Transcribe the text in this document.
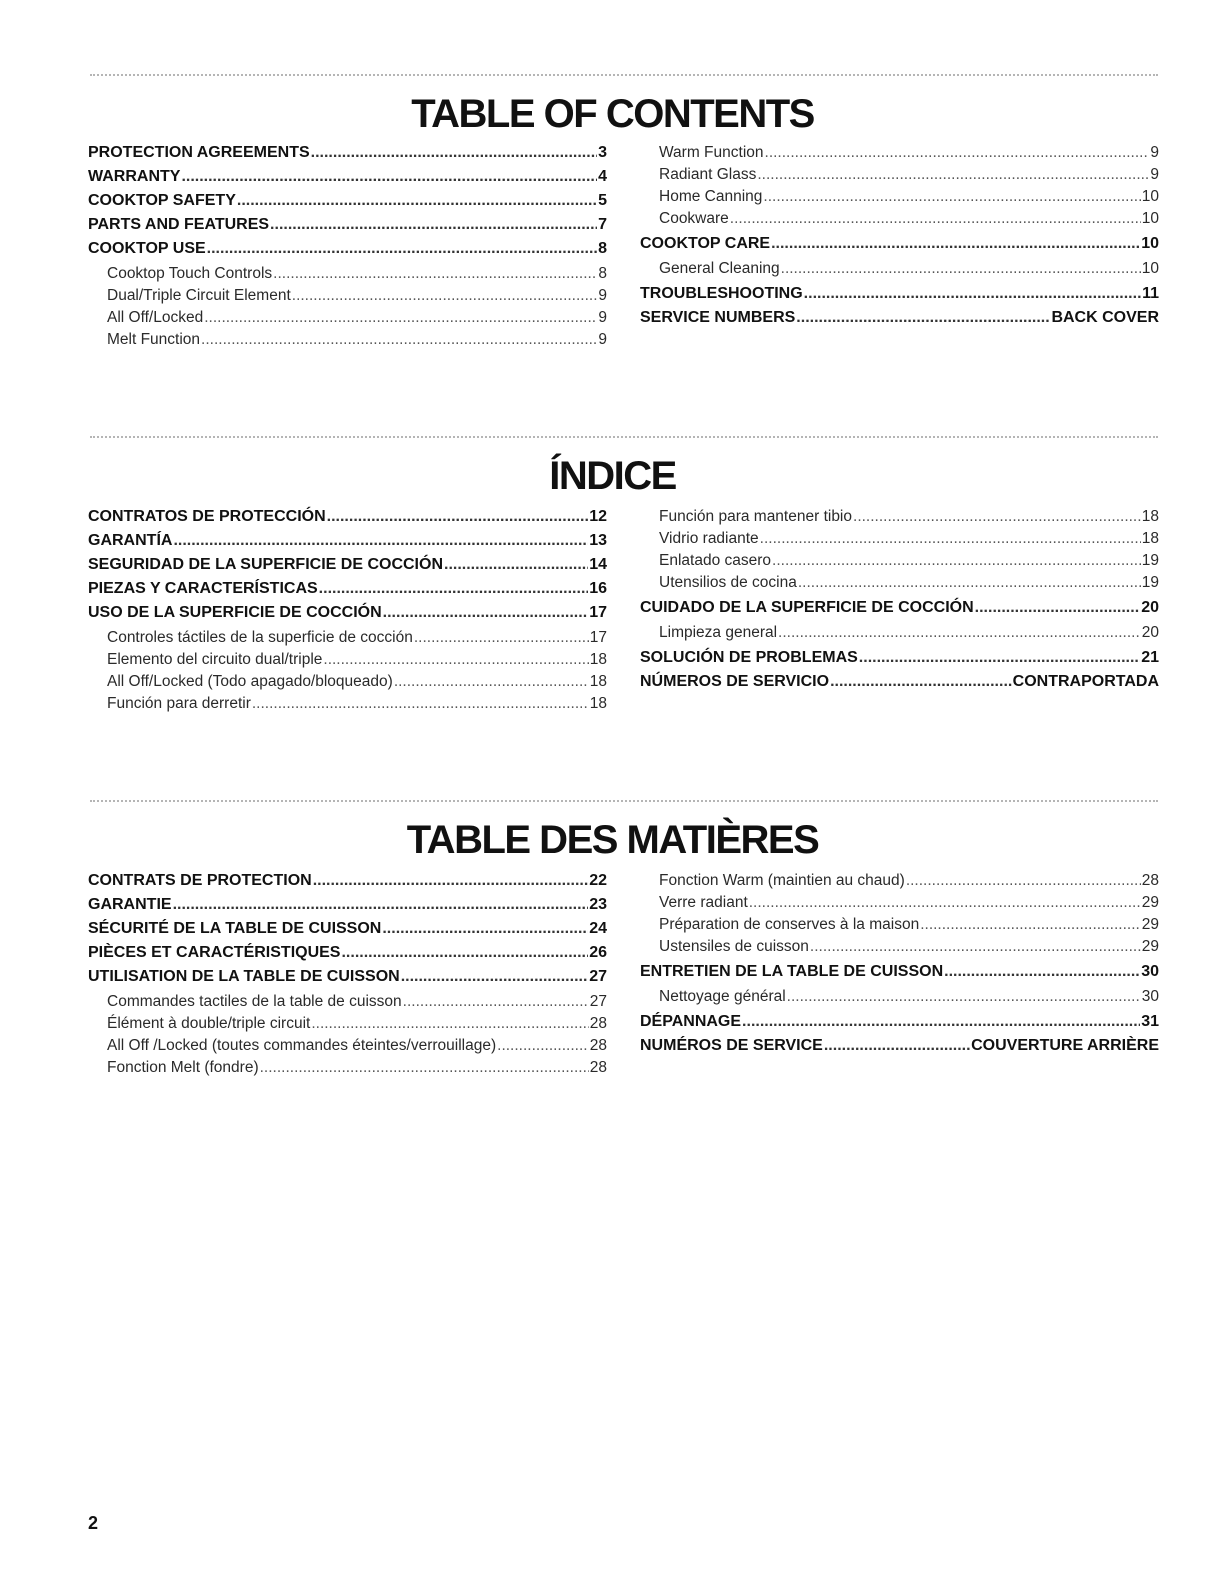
TABLE OF CONTENTS
PROTECTION AGREEMENTS .....	3
WARRANTY .....	4
COOKTOP SAFETY .....	5
PARTS AND FEATURES .....	7
COOKTOP USE .....	8
Cooktop Touch Controls .....	8
Dual/Triple Circuit Element .....	9
All Off/Locked .....	9
Melt Function .....	9
Warm Function .....	9
Radiant Glass .....	9
Home Canning .....	10
Cookware .....	10
COOKTOP CARE .....	10
General Cleaning .....	10
TROUBLESHOOTING .....	11
SERVICE NUMBERS .....	BACK COVER
ÍNDICE
CONTRATOS DE PROTECCIÓN .....	12
GARANTÍA .....	13
SEGURIDAD DE LA SUPERFICIE DE COCCIÓN .....	14
PIEZAS Y CARACTERÍSTICAS .....	16
USO DE LA SUPERFICIE DE COCCIÓN .....	17
Controles táctiles de la superficie de cocción .....	17
Elemento del circuito dual/triple .....	18
All Off/Locked (Todo apagado/bloqueado) .....	18
Función para derretir .....	18
Función para mantener tibio .....	18
Vidrio radiante .....	18
Enlatado casero .....	19
Utensilios de cocina .....	19
CUIDADO DE LA SUPERFICIE DE COCCIÓN .....	20
Limpieza general .....	20
SOLUCIÓN DE PROBLEMAS .....	21
NÚMEROS DE SERVICIO .....	CONTRAPORTADA
TABLE DES MATIÈRES
CONTRATS DE PROTECTION .....	22
GARANTIE .....	23
SÉCURITÉ DE LA TABLE DE CUISSON .....	24
PIÈCES ET CARACTÉRISTIQUES .....	26
UTILISATION DE LA TABLE DE CUISSON .....	27
Commandes tactiles de la table de cuisson .....	27
Élément à double/triple circuit .....	28
All Off /Locked (toutes commandes éteintes/verrouillage) .....	28
Fonction Melt (fondre) .....	28
Fonction Warm (maintien au chaud) .....	28
Verre radiant .....	29
Préparation de conserves à la maison .....	29
Ustensiles de cuisson .....	29
ENTRETIEN DE LA TABLE DE CUISSON .....	30
Nettoyage général .....	30
DÉPANNAGE .....	31
NUMÉROS DE SERVICE .....	COUVERTURE ARRIÈRE

2
